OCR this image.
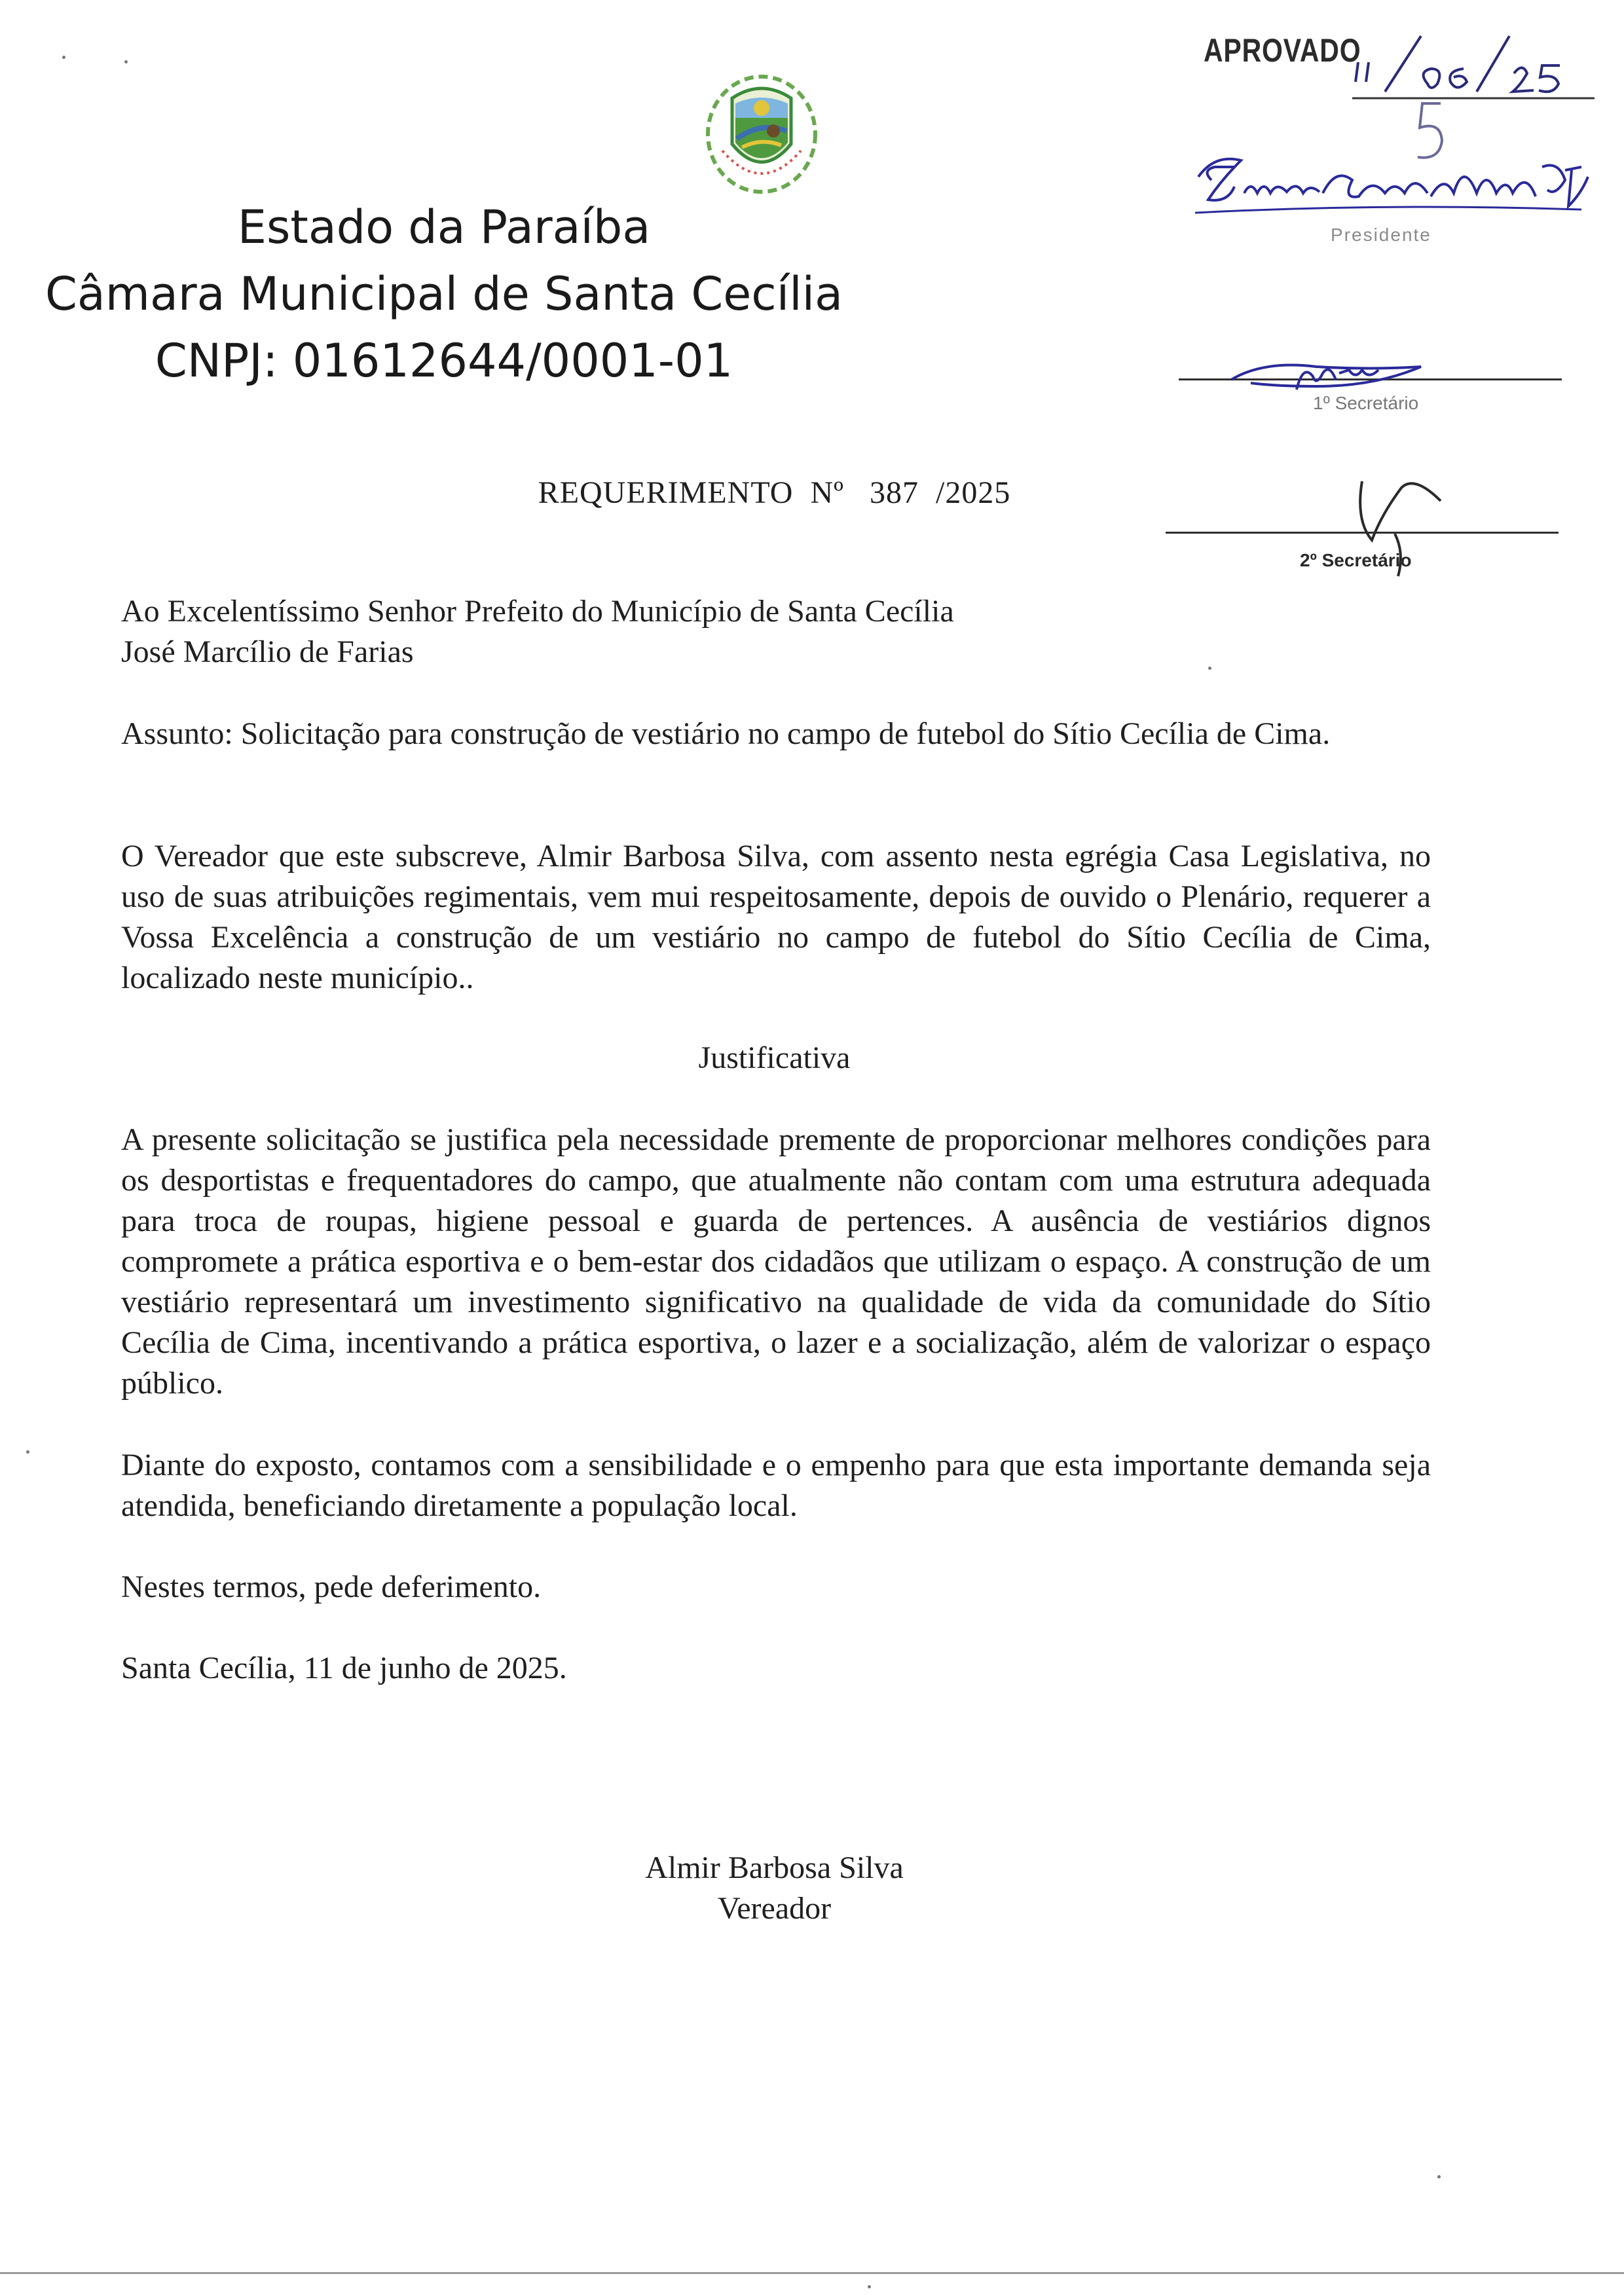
Estado da Paraíba
Câmara Municipal de Santa Cecília
CNPJ: 01612644/0001-01
APROVADO
Presidente
1º Secretário
2º Secretário
REQUERIMENTO  Nº   387  /2025
Ao Excelentíssimo Senhor Prefeito do Município de Santa Cecília
José Marcílio de Farias

Assunto: Solicitação para construção de vestiário no campo de futebol do Sítio Cecília de Cima.

O Vereador que este subscreve, Almir Barbosa Silva, com assento nesta egrégia Casa Legislativa, no uso de suas atribuições regimentais, vem mui respeitosamente, depois de ouvido o Plenário, requerer a Vossa Excelência a construção de um vestiário no campo de futebol do Sítio Cecília de Cima, localizado neste município..

Justificativa

A presente solicitação se justifica pela necessidade premente de proporcionar melhores condições para os desportistas e frequentadores do campo, que atualmente não contam com uma estrutura adequada para troca de roupas, higiene pessoal e guarda de pertences. A ausência de vestiários dignos compromete a prática esportiva e o bem-estar dos cidadãos que utilizam o espaço. A construção de um vestiário representará um investimento significativo na qualidade de vida da comunidade do Sítio Cecília de Cima, incentivando a prática esportiva, o lazer e a socialização, além de valorizar o espaço público.

Diante do exposto, contamos com a sensibilidade e o empenho para que esta importante demanda seja atendida, beneficiando diretamente a população local.

Nestes termos, pede deferimento.

Santa Cecília, 11 de junho de 2025.

Almir Barbosa Silva
Vereador
